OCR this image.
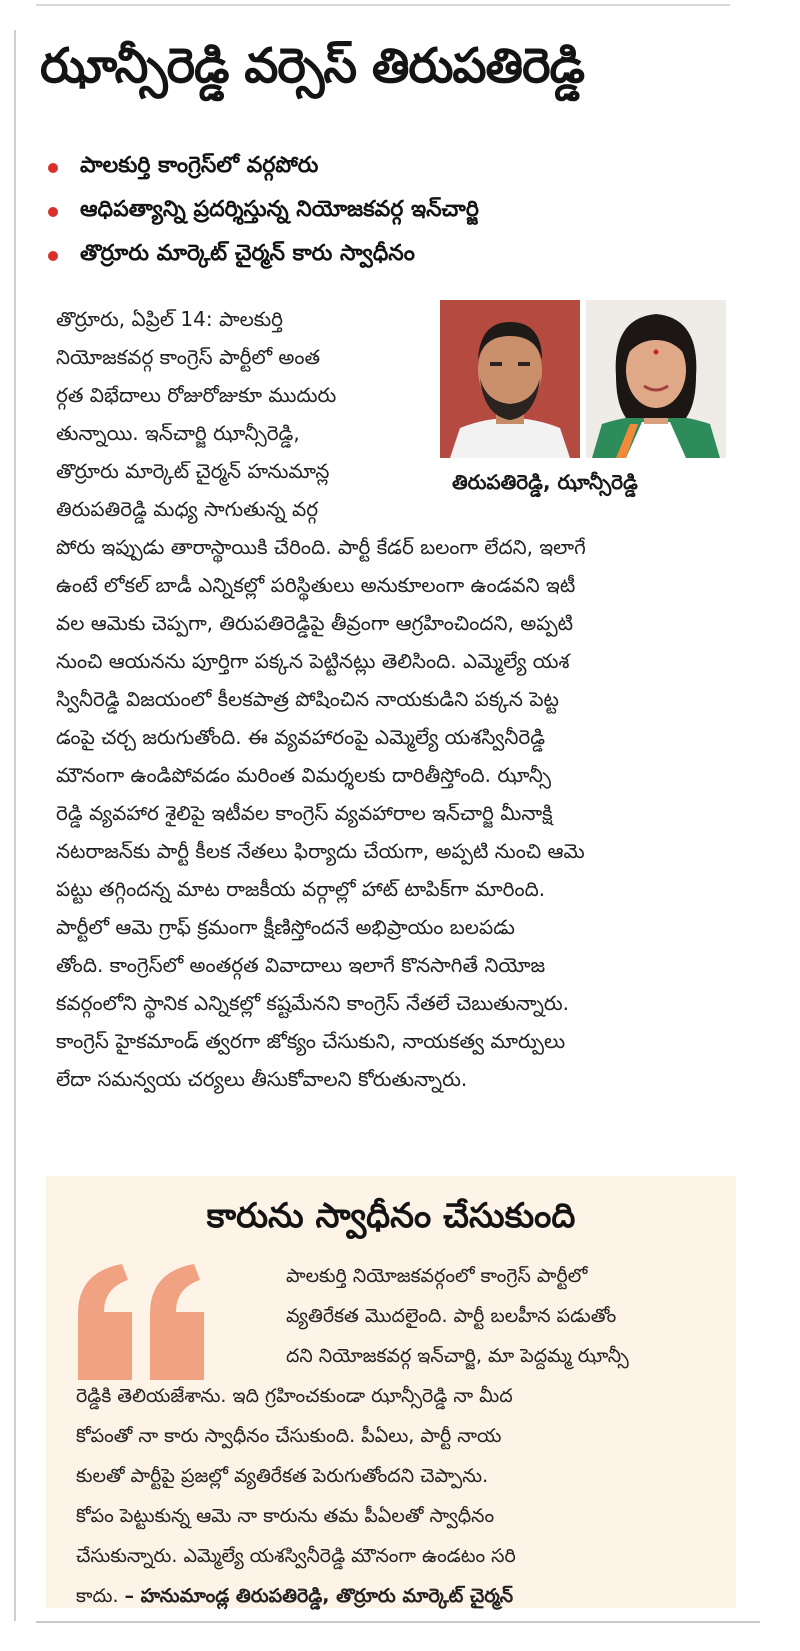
ఝాన్సీరెడ్డి వర్సెస్ తిరుపతిరెడ్డి
పాలకుర్తి కాంగ్రెస్‌లో వర్గపోరు
ఆధిపత్యాన్ని ప్రదర్శిస్తున్న నియోజకవర్గ ఇన్‌చార్జి
తొర్రూరు మార్కెట్ చైర్మన్ కారు స్వాధీనం
తొర్రూరు, ఏప్రిల్ 14: పాలకుర్తి
నియోజకవర్గ కాంగ్రెస్ పార్టీలో అంత
ర్గత విభేదాలు రోజురోజుకూ ముదురు
తున్నాయి. ఇన్‌చార్జి ఝాన్సీరెడ్డి,
తొర్రూరు మార్కెట్ చైర్మన్ హనుమాన్ల
తిరుపతిరెడ్డి మధ్య సాగుతున్న వర్గ
తిరుపతిరెడ్డి, ఝాన్సీరెడ్డి
పోరు ఇప్పుడు తారాస్థాయికి చేరింది. పార్టీ కేడర్ బలంగా లేదని, ఇలాగే
ఉంటే లోకల్ బాడీ ఎన్నికల్లో పరిస్థితులు అనుకూలంగా ఉండవని ఇటీ
వల ఆమెకు చెప్పగా, తిరుపతిరెడ్డిపై తీవ్రంగా ఆగ్రహించిందని, అప్పటి
నుంచి ఆయనను పూర్తిగా పక్కన పెట్టినట్లు తెలిసింది. ఎమ్మెల్యే యశ
స్వినీరెడ్డి విజయంలో కీలకపాత్ర పోషించిన నాయకుడిని పక్కన పెట్ట
డంపై చర్చ జరుగుతోంది. ఈ వ్యవహారంపై ఎమ్మెల్యే యశస్వినీరెడ్డి
మౌనంగా ఉండిపోవడం మరింత విమర్శలకు దారితీస్తోంది. ఝాన్సీ
రెడ్డి వ్యవహార శైలిపై ఇటీవల కాంగ్రెస్ వ్యవహారాల ఇన్‌చార్జి మీనాక్షి
నటరాజన్‌కు పార్టీ కీలక నేతలు ఫిర్యాదు చేయగా, అప్పటి నుంచి ఆమె
పట్టు తగ్గిందన్న మాట రాజకీయ వర్గాల్లో హాట్ టాపిక్‌గా మారింది.
పార్టీలో ఆమె గ్రాఫ్ క్రమంగా క్షీణిస్తోందనే అభిప్రాయం బలపడు
తోంది. కాంగ్రెస్‌లో అంతర్గత వివాదాలు ఇలాగే కొనసాగితే నియోజ
కవర్గంలోని స్థానిక ఎన్నికల్లో కష్టమేనని కాంగ్రెస్ నేతలే చెబుతున్నారు.
కాంగ్రెస్ హైకమాండ్ త్వరగా జోక్యం చేసుకుని, నాయకత్వ మార్పులు
లేదా సమన్వయ చర్యలు తీసుకోవాలని కోరుతున్నారు.
కారును స్వాధీనం చేసుకుంది
పాలకుర్తి నియోజకవర్గంలో కాంగ్రెస్ పార్టీలో
వ్యతిరేకత మొదలైంది. పార్టీ బలహీన పడుతోం
దని నియోజకవర్గ ఇన్‌చార్జి, మా పెద్దమ్మ ఝాన్సీ
రెడ్డికి తెలియజేశాను. ఇది గ్రహించకుండా ఝాన్సీరెడ్డి నా మీద
కోపంతో నా కారు స్వాధీనం చేసుకుంది. పీఏలు, పార్టీ నాయ
కులతో పార్టీపై ప్రజల్లో వ్యతిరేకత పెరుగుతోందని చెప్పాను.
కోపం పెట్టుకున్న ఆమె నా కారును తమ పీఏలతో స్వాధీనం
చేసుకున్నారు. ఎమ్మెల్యే యశస్వినీరెడ్డి మౌనంగా ఉండటం సరి
కాదు. – హనుమాండ్ల తిరుపతిరెడ్డి, తొర్రూరు మార్కెట్ చైర్మన్
